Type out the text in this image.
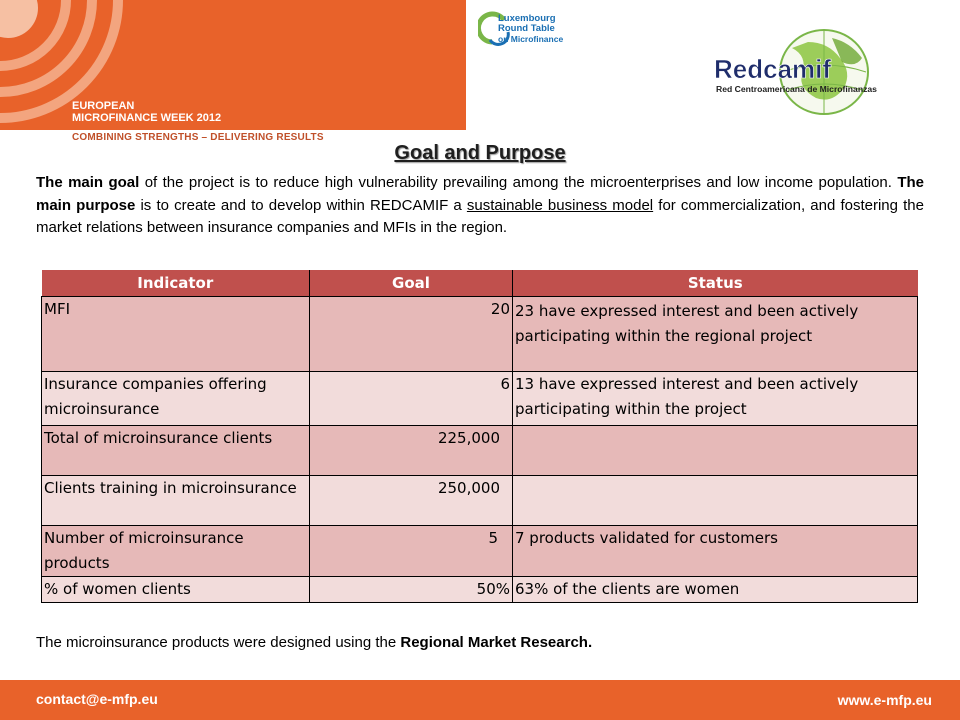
EUROPEAN
MICROFINANCE WEEK 2012
COMBINING STRENGTHS – DELIVERING RESULTS
Luxembourg
Round Table
on Microfinance
Redcamif
Red Centroamericana de Microfinanzas
Goal and Purpose
The main goal of the project is to reduce high vulnerability prevailing among the microenterprises and low income population. The main purpose is to create and to develop within REDCAMIF a sustainable business model for commercialization, and fostering the market relations between insurance companies and MFIs in the region.
Indicator	Goal	Status
MFI	20	23 have expressed interest and been actively participating within the regional project
Insurance companies offering microinsurance	6	13 have expressed interest and been actively participating within the project
Total of microinsurance clients	225,000	
Clients training in microinsurance	250,000	
Number of microinsurance products	5	7 products validated for customers
% of women clients	50%	63% of the clients are women
The microinsurance products were designed using the Regional Market Research.
contact@e-mfp.eu	www.e-mfp.eu
